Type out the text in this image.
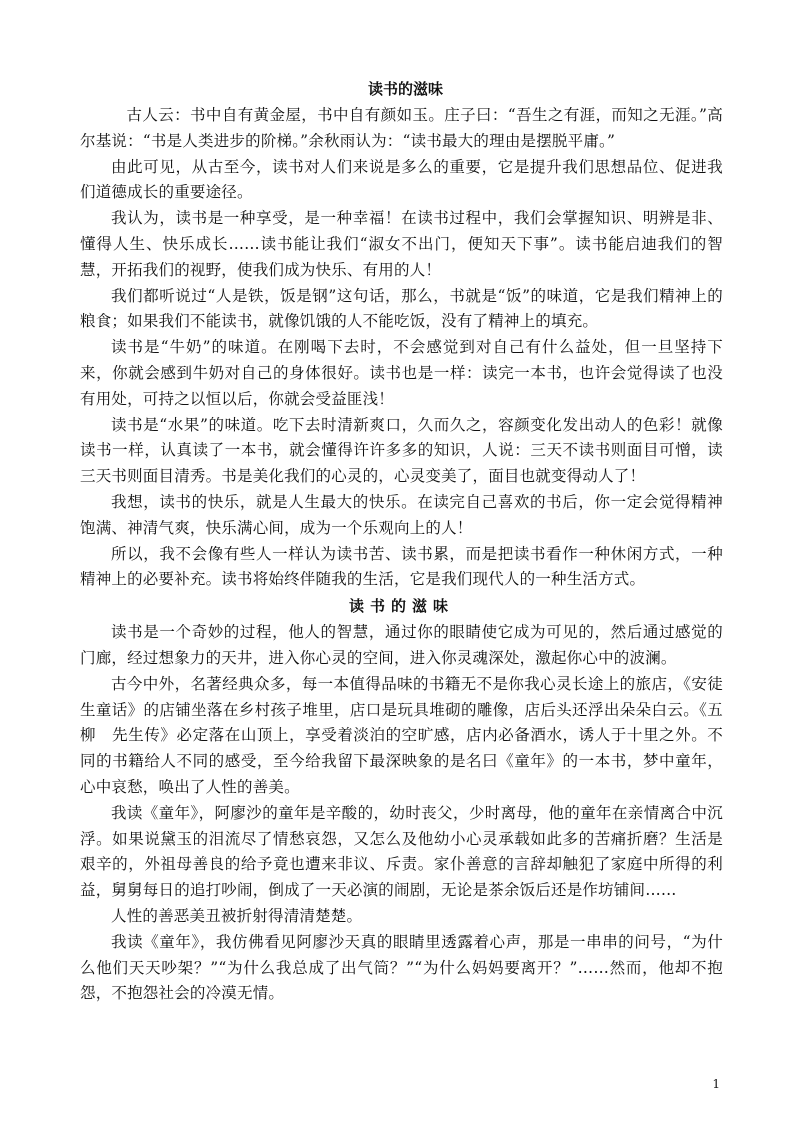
读书的滋味

古人云：书中自有黄金屋，书中自有颜如玉。庄子曰：“吾生之有涯，而知之无涯。”高尔基说：“书是人类进步的阶梯。”余秋雨认为：“读书最大的理由是摆脱平庸。”

由此可见，从古至今，读书对人们来说是多么的重要，它是提升我们思想品位、促进我们道德成长的重要途径。

我认为，读书是一种享受，是一种幸福！在读书过程中，我们会掌握知识、明辨是非、懂得人生、快乐成长……读书能让我们“淑女不出门，便知天下事”。读书能启迪我们的智慧，开拓我们的视野，使我们成为快乐、有用的人！

我们都听说过“人是铁，饭是钢”这句话，那么，书就是“饭”的味道，它是我们精神上的粮食；如果我们不能读书，就像饥饿的人不能吃饭，没有了精神上的填充。

读书是“牛奶”的味道。在刚喝下去时，不会感觉到对自己有什么益处，但一旦坚持下来，你就会感到牛奶对自己的身体很好。读书也是一样：读完一本书，也许会觉得读了也没有用处，可持之以恒以后，你就会受益匪浅！

读书是“水果”的味道。吃下去时清新爽口，久而久之，容颜变化发出动人的色彩！就像读书一样，认真读了一本书，就会懂得许许多多的知识，人说：三天不读书则面目可憎，读三天书则面目清秀。书是美化我们的心灵的，心灵变美了，面目也就变得动人了！

我想，读书的快乐，就是人生最大的快乐。在读完自己喜欢的书后，你一定会觉得精神饱满、神清气爽，快乐满心间，成为一个乐观向上的人！

所以，我不会像有些人一样认为读书苦、读书累，而是把读书看作一种休闲方式，一种精神上的必要补充。读书将始终伴随我的生活，它是我们现代人的一种生活方式。

读书的滋味

读书是一个奇妙的过程，他人的智慧，通过你的眼睛使它成为可见的，然后通过感觉的门廊，经过想象力的天井，进入你心灵的空间，进入你灵魂深处，激起你心中的波澜。

古今中外，名著经典众多，每一本值得品味的书籍无不是你我心灵长途上的旅店，《安徒生童话》的店铺坐落在乡村孩子堆里，店口是玩具堆砌的雕像，店后头还浮出朵朵白云。《五　柳　先生传》必定落在山顶上，享受着淡泊的空旷感，店内必备酒水，诱人于十里之外。不同的书籍给人不同的感受，至今给我留下最深映象的是名曰《童年》的一本书，梦中童年，心中哀愁，唤出了人性的善美。

我读《童年》，阿廖沙的童年是辛酸的，幼时丧父，少时离母，他的童年在亲情离合中沉浮。如果说黛玉的泪流尽了情愁哀怨，又怎么及他幼小心灵承载如此多的苦痛折磨？生活是艰辛的，外祖母善良的给予竟也遭来非议、斥责。家仆善意的言辞却触犯了家庭中所得的利益，舅舅每日的追打吵闹，倒成了一天必演的闹剧，无论是茶余饭后还是作坊铺间……

人性的善恶美丑被折射得清清楚楚。

我读《童年》，我仿佛看见阿廖沙天真的眼睛里透露着心声，那是一串串的问号，“为什么他们天天吵架？”“为什么我总成了出气筒？”“为什么妈妈要离开？”……然而，他却不抱怨，不抱怨社会的冷漠无情。

1
